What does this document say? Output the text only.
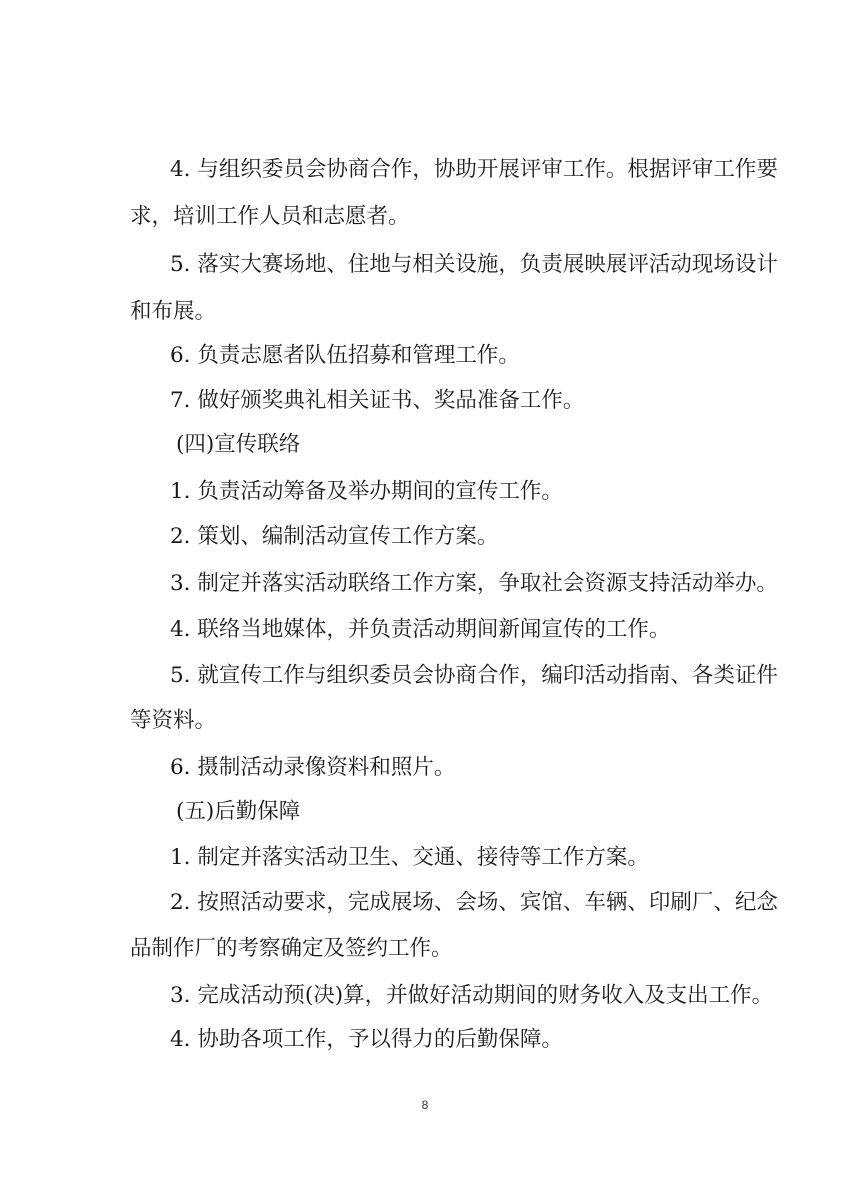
4. 与组织委员会协商合作，协助开展评审工作。根据评审工作要
求，培训工作人员和志愿者。
5. 落实大赛场地、住地与相关设施，负责展映展评活动现场设计
和布展。
6. 负责志愿者队伍招募和管理工作。
7. 做好颁奖典礼相关证书、奖品准备工作。
(四)宣传联络
1. 负责活动筹备及举办期间的宣传工作。
2. 策划、编制活动宣传工作方案。
3. 制定并落实活动联络工作方案，争取社会资源支持活动举办。
4. 联络当地媒体，并负责活动期间新闻宣传的工作。
5. 就宣传工作与组织委员会协商合作，编印活动指南、各类证件
等资料。
6. 摄制活动录像资料和照片。
(五)后勤保障
1. 制定并落实活动卫生、交通、接待等工作方案。
2. 按照活动要求，完成展场、会场、宾馆、车辆、印刷厂、纪念
品制作厂的考察确定及签约工作。
3. 完成活动预(决)算，并做好活动期间的财务收入及支出工作。
4. 协助各项工作，予以得力的后勤保障。
8
